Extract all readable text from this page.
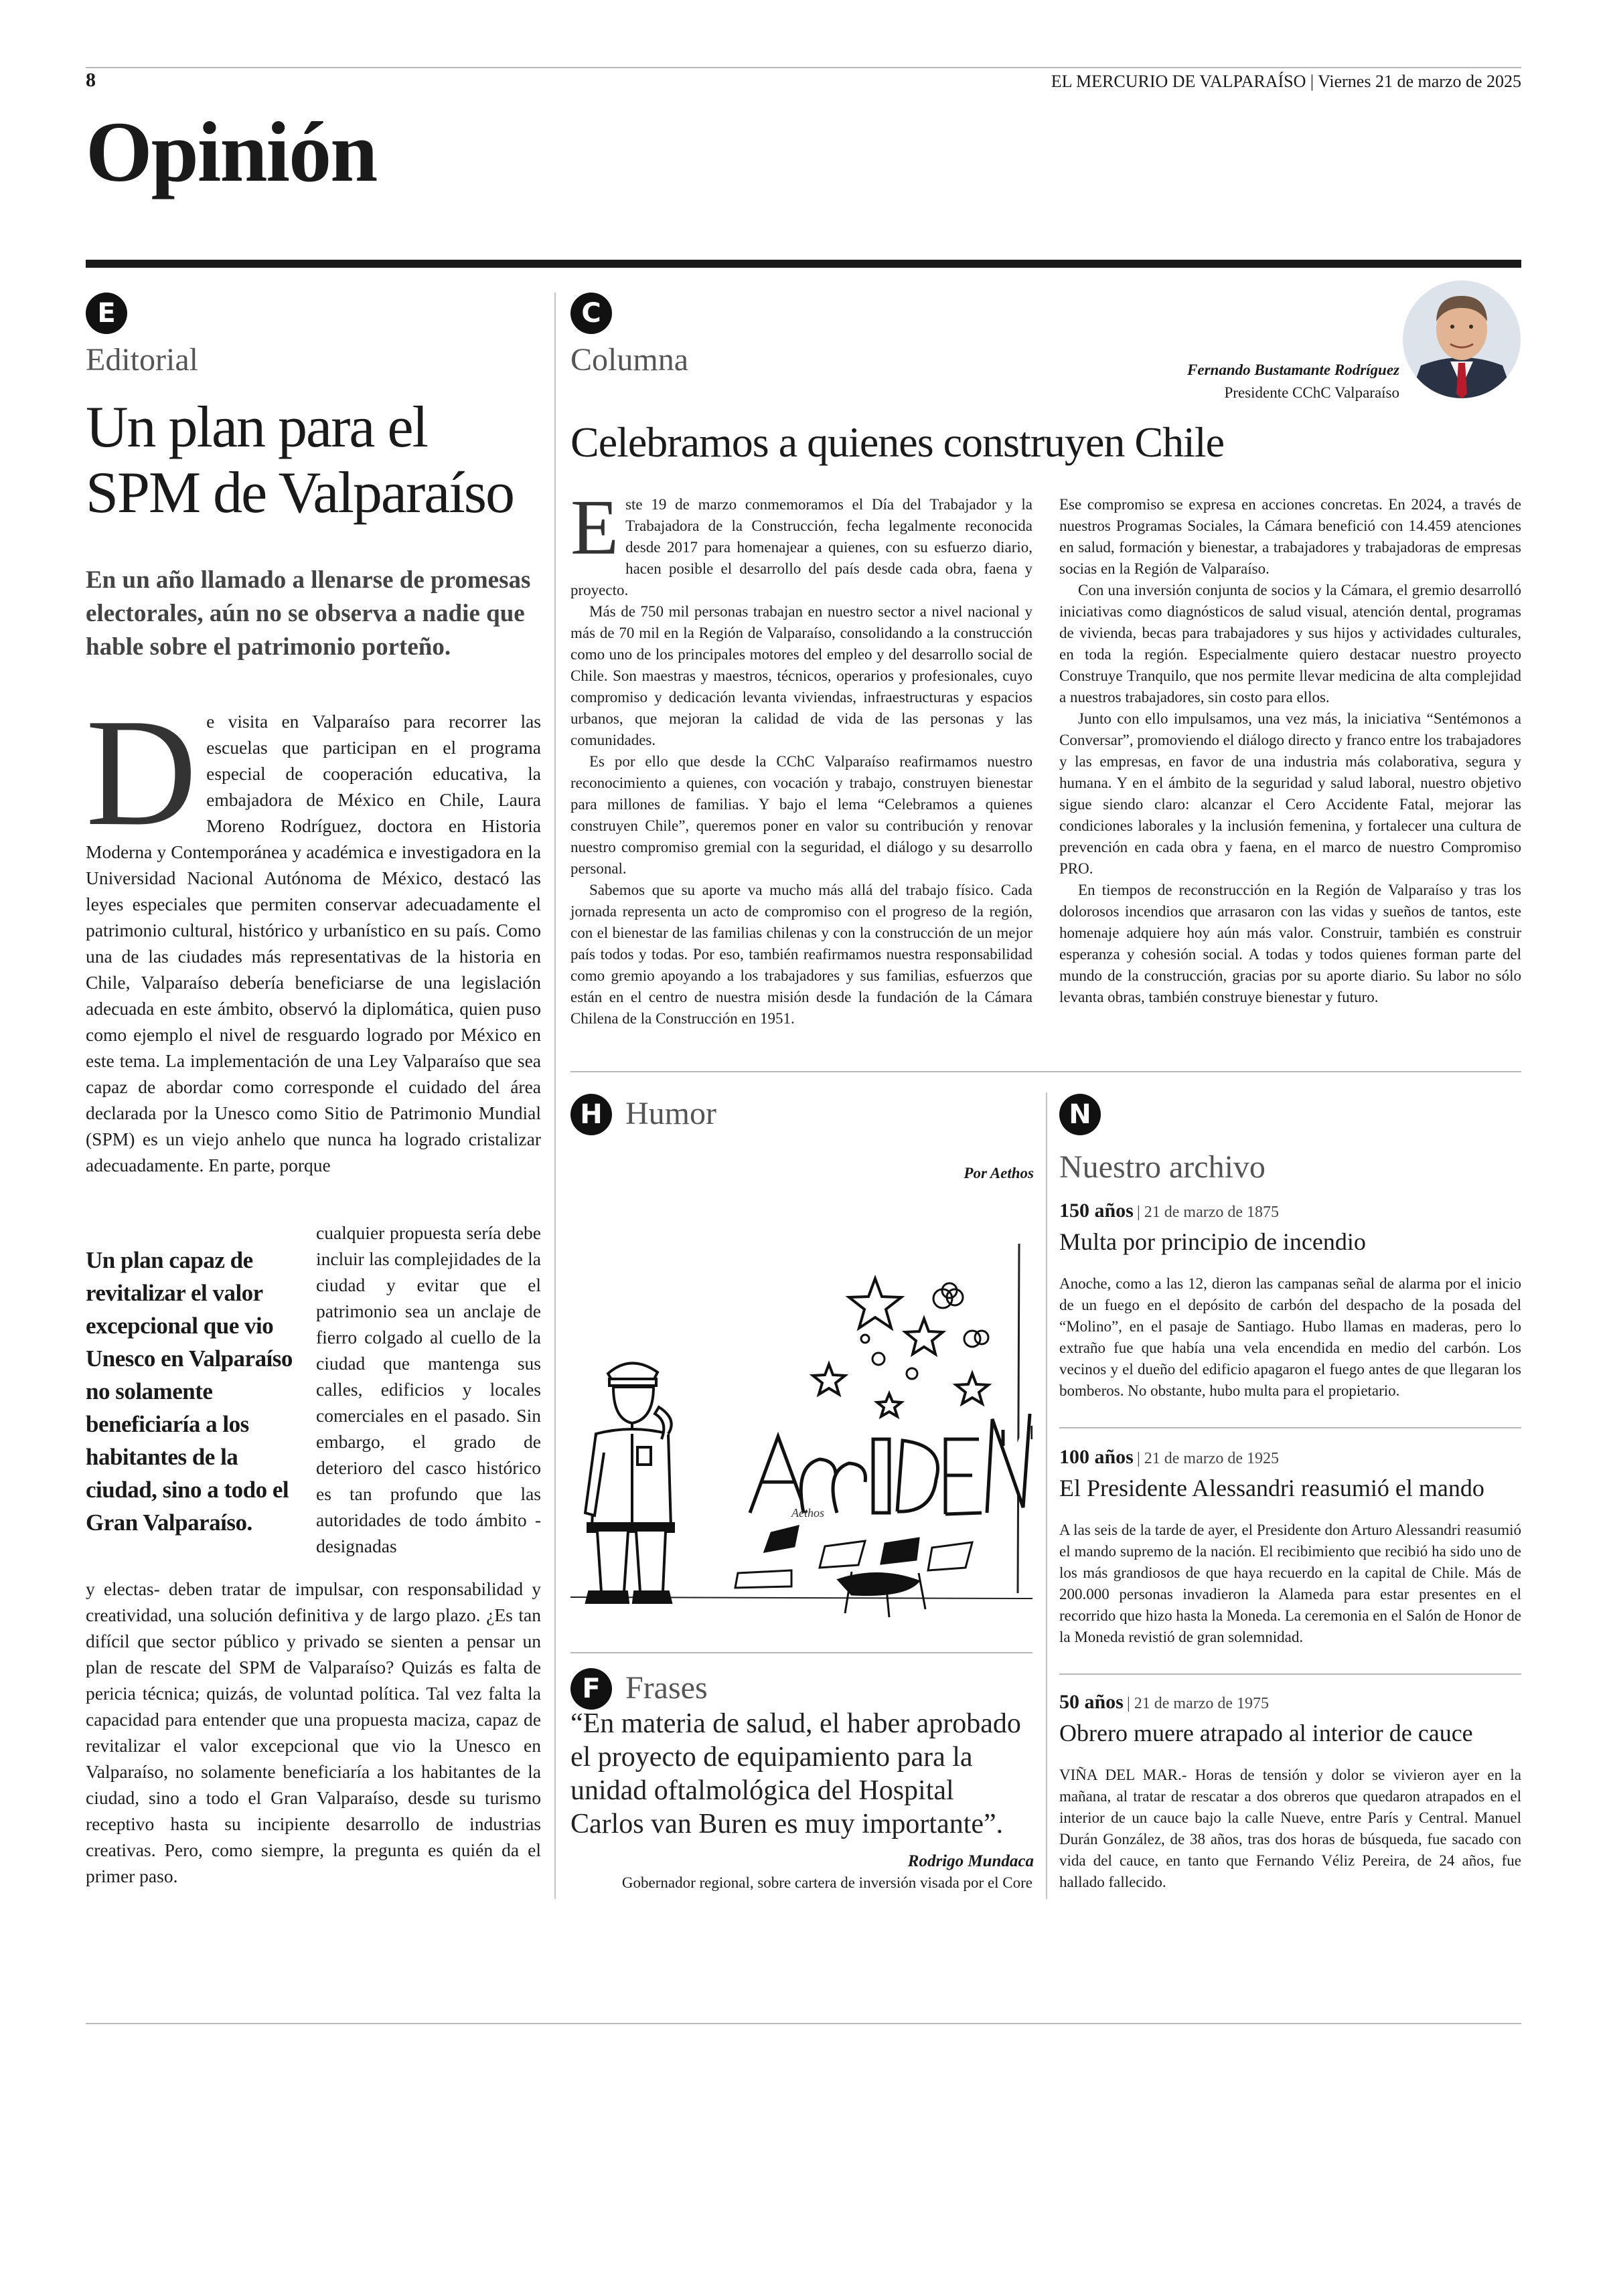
8	EL MERCURIO DE VALPARAÍSO | Viernes 21 de marzo de 2025
Opinión
E
Editorial
Un plan para el
SPM de Valparaíso
En un año llamado a llenarse de promesas electorales, aún no se observa a nadie que hable sobre el patrimonio porteño.
D e visita en Valparaíso para recorrer las escuelas que participan en el programa especial de cooperación educativa, la embajadora de México en Chile, Laura Moreno Rodríguez, doctora en Historia Moderna y Contemporánea y académica e investigadora en la Universidad Nacional Autónoma de México, destacó las leyes especiales que permiten conservar adecuadamente el patrimonio cultural, histórico y urbanístico en su país. Como una de las ciudades más representativas de la historia en Chile, Valparaíso debería beneficiarse de una legislación adecuada en este ámbito, observó la diplomática, quien puso como ejemplo el nivel de resguardo logrado por México en este tema. La implementación de una Ley Valparaíso que sea capaz de abordar como corresponde el cuidado del área declarada por la Unesco como Sitio de Patrimonio Mundial (SPM) es un viejo anhelo que nunca ha logrado cristalizar adecuadamente. En parte, porque
Un plan capaz de revitalizar el valor excepcional que vio Unesco en Valparaíso no solamente beneficiaría a los habitantes de la ciudad, sino a todo el Gran Valparaíso.
cualquier propuesta sería debe incluir las complejidades de la ciudad y evitar que el patrimonio sea un anclaje de fierro colgado al cuello de la ciudad que mantenga sus calles, edificios y locales comerciales en el pasado. Sin embargo, el grado de deterioro del casco histórico es tan profundo que las autoridades de todo ámbito -designadas
y electas- deben tratar de impulsar, con responsabilidad y creatividad, una solución definitiva y de largo plazo. ¿Es tan difícil que sector público y privado se sienten a pensar un plan de rescate del SPM de Valparaíso? Quizás es falta de pericia técnica; quizás, de voluntad política. Tal vez falta la capacidad para entender que una propuesta maciza, capaz de revitalizar el valor excepcional que vio la Unesco en Valparaíso, no solamente beneficiaría a los habitantes de la ciudad, sino a todo el Gran Valparaíso, desde su turismo receptivo hasta su incipiente desarrollo de industrias creativas. Pero, como siempre, la pregunta es quién da el primer paso.
C
Columna	Fernando Bustamante Rodríguez
Presidente CChC Valparaíso
Celebramos a quienes construyen Chile
E ste 19 de marzo conmemoramos el Día del Trabajador y la Trabajadora de la Construcción, fecha legalmente reconocida desde 2017 para homenajear a quienes, con su esfuerzo diario, hacen posible el desarrollo del país desde cada obra, faena y proyecto.

Más de 750 mil personas trabajan en nuestro sector a nivel nacional y más de 70 mil en la Región de Valparaíso, consolidando a la construcción como uno de los principales motores del empleo y del desarrollo social de Chile. Son maestras y maestros, técnicos, operarios y profesionales, cuyo compromiso y dedicación levanta viviendas, infraestructuras y espacios urbanos, que mejoran la calidad de vida de las personas y las comunidades.

Es por ello que desde la CChC Valparaíso reafirmamos nuestro reconocimiento a quienes, con vocación y trabajo, construyen bienestar para millones de familias. Y bajo el lema “Celebramos a quienes construyen Chile”, queremos poner en valor su contribución y renovar nuestro compromiso gremial con la seguridad, el diálogo y su desarrollo personal.

Sabemos que su aporte va mucho más allá del trabajo físico. Cada jornada representa un acto de compromiso con el progreso de la región, con el bienestar de las familias chilenas y con la construcción de un mejor país todos y todas. Por eso, también reafirmamos nuestra responsabilidad como gremio apoyando a los trabajadores y sus familias, esfuerzos que están en el centro de nuestra misión desde la fundación de la Cámara Chilena de la Construcción en 1951.

Ese compromiso se expresa en acciones concretas. En 2024, a través de nuestros Programas Sociales, la Cámara benefició con 14.459 atenciones en salud, formación y bienestar, a trabajadores y trabajadoras de empresas socias en la Región de Valparaíso.

Con una inversión conjunta de socios y la Cámara, el gremio desarrolló iniciativas como diagnósticos de salud visual, atención dental, programas de vivienda, becas para trabajadores y sus hijos y actividades culturales, en toda la región. Especialmente quiero destacar nuestro proyecto Construye Tranquilo, que nos permite llevar medicina de alta complejidad a nuestros trabajadores, sin costo para ellos.

Junto con ello impulsamos, una vez más, la iniciativa “Sentémonos a Conversar”, promoviendo el diálogo directo y franco entre los trabajadores y las empresas, en favor de una industria más colaborativa, segura y humana. Y en el ámbito de la seguridad y salud laboral, nuestro objetivo sigue siendo claro: alcanzar el Cero Accidente Fatal, mejorar las condiciones laborales y la inclusión femenina, y fortalecer una cultura de prevención en cada obra y faena, en el marco de nuestro Compromiso PRO.

En tiempos de reconstrucción en la Región de Valparaíso y tras los dolorosos incendios que arrasaron con las vidas y sueños de tantos, este homenaje adquiere hoy aún más valor. Construir, también es construir esperanza y cohesión social. A todas y todos quienes forman parte del mundo de la construcción, gracias por su aporte diario. Su labor no sólo levanta obras, también construye bienestar y futuro.

H Humor
Por Aethos
Aethos
F Frases
“En materia de salud, el haber aprobado el proyecto de equipamiento para la unidad oftalmológica del Hospital Carlos van Buren es muy importante”.
Rodrigo Mundaca
Gobernador regional, sobre cartera de inversión visada por el Core
N
Nuestro archivo
150 años | 21 de marzo de 1875
Multa por principio de incendio
Anoche, como a las 12, dieron las campanas señal de alarma por el inicio de un fuego en el depósito de carbón del despacho de la posada del “Molino”, en el pasaje de Santiago. Hubo llamas en maderas, pero lo extraño fue que había una vela encendida en medio del carbón. Los vecinos y el dueño del edificio apagaron el fuego antes de que llegaran los bomberos. No obstante, hubo multa para el propietario.
100 años | 21 de marzo de 1925
El Presidente Alessandri reasumió el mando
A las seis de la tarde de ayer, el Presidente don Arturo Alessandri reasumió el mando supremo de la nación. El recibimiento que recibió ha sido uno de los más grandiosos de que haya recuerdo en la capital de Chile. Más de 200.000 personas invadieron la Alameda para estar presentes en el recorrido que hizo hasta la Moneda. La ceremonia en el Salón de Honor de la Moneda revistió de gran solemnidad.
50 años | 21 de marzo de 1975
Obrero muere atrapado al interior de cauce
VIÑA DEL MAR.- Horas de tensión y dolor se vivieron ayer en la mañana, al tratar de rescatar a dos obreros que quedaron atrapados en el interior de un cauce bajo la calle Nueve, entre París y Central. Manuel Durán González, de 38 años, tras dos horas de búsqueda, fue sacado con vida del cauce, en tanto que Fernando Véliz Pereira, de 24 años, fue hallado fallecido.
